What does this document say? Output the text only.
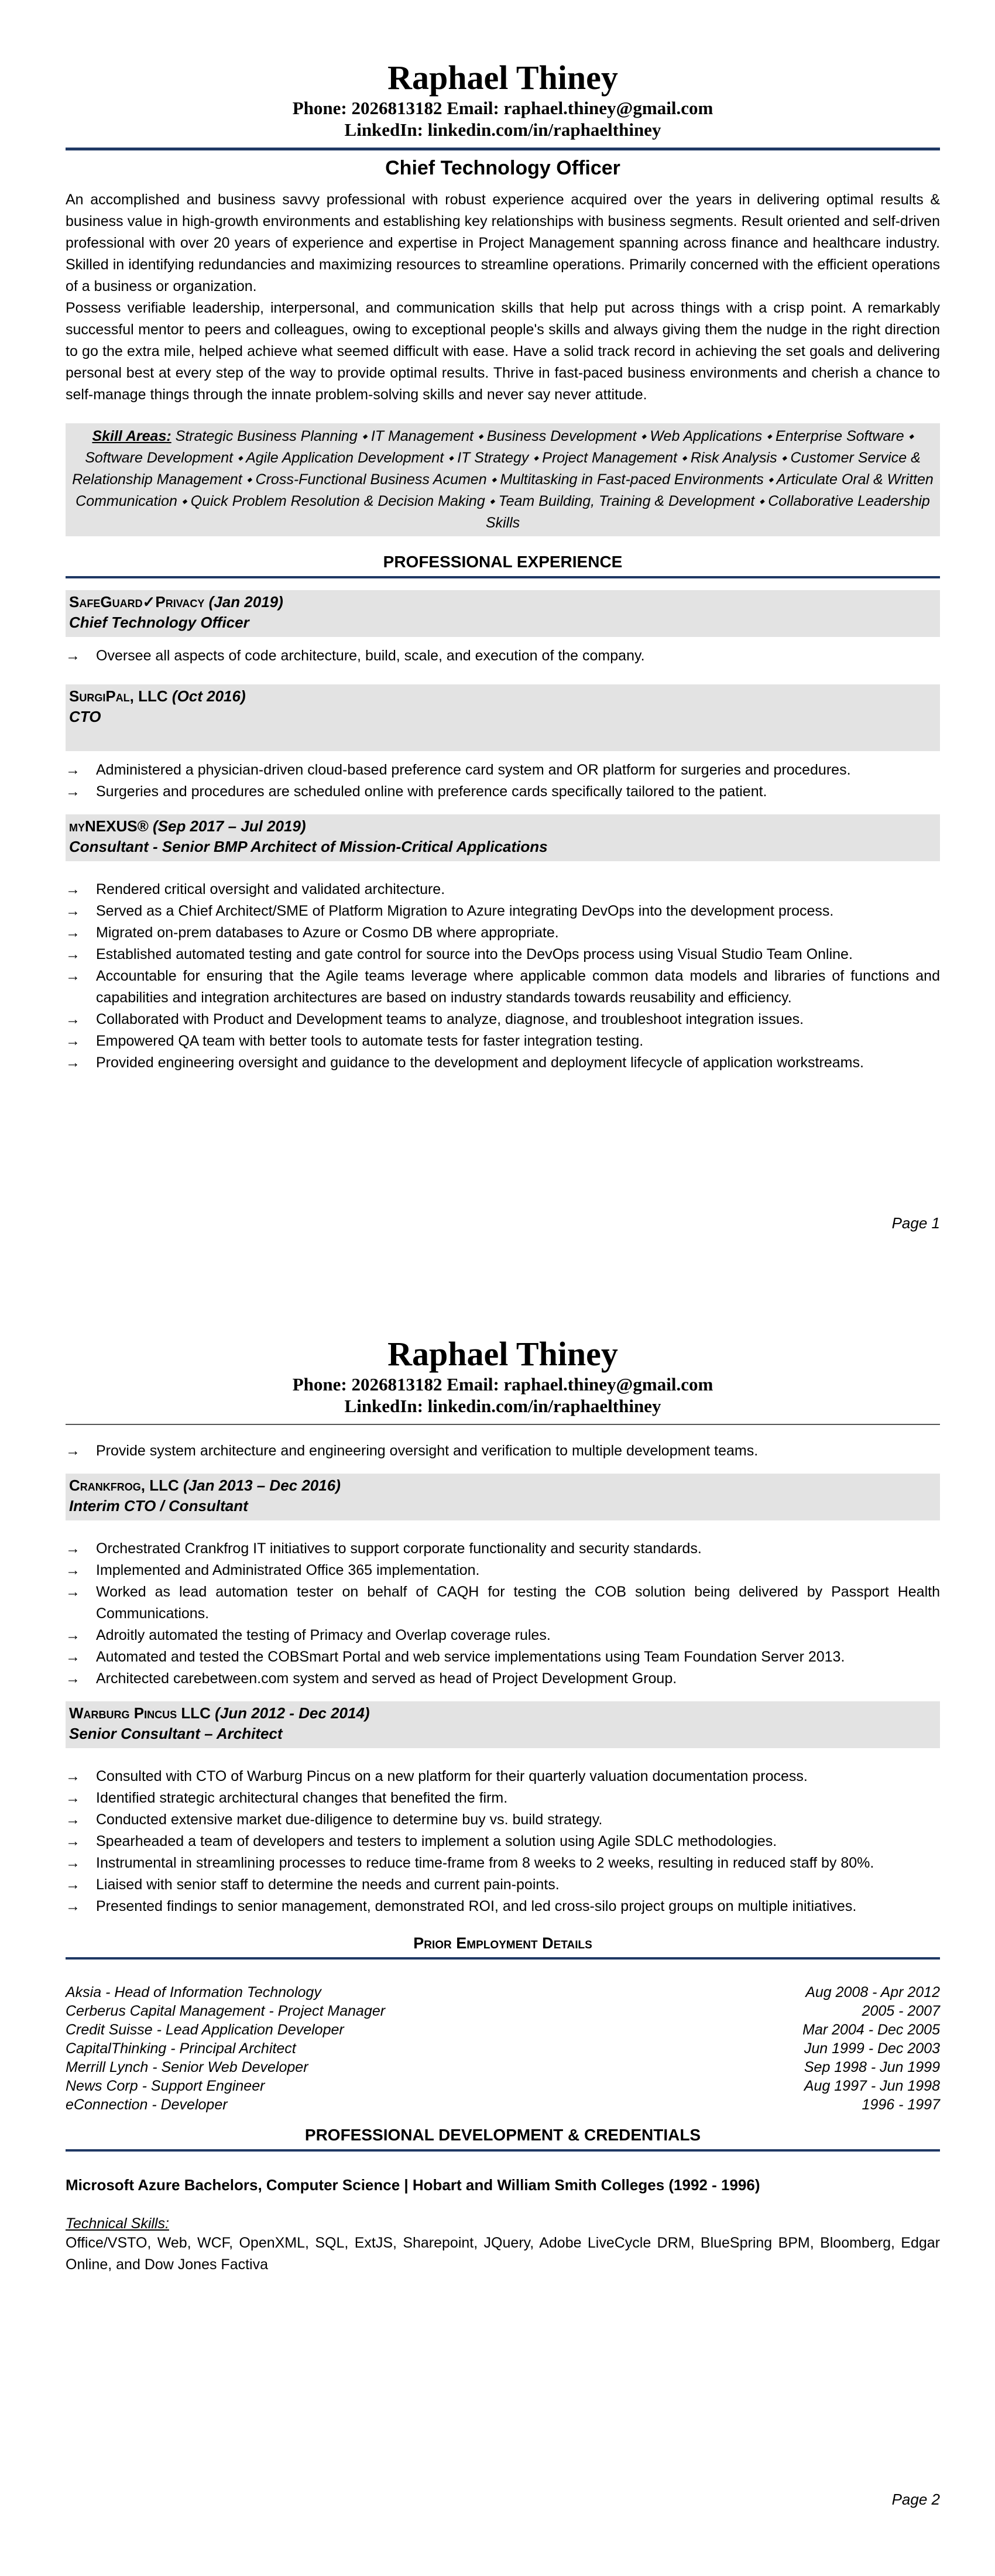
Raphael Thiney
Phone: 2026813182 Email: raphael.thiney@gmail.com
LinkedIn: linkedin.com/in/raphaelthiney
Chief Technology Officer

An accomplished and business savvy professional with robust experience acquired over the years in delivering optimal results & business value in high-growth environments and establishing key relationships with business segments. Result oriented and self-driven professional with over 20 years of experience and expertise in Project Management spanning across finance and healthcare industry. Skilled in identifying redundancies and maximizing resources to streamline operations. Primarily concerned with the efficient operations of a business or organization.

Possess verifiable leadership, interpersonal, and communication skills that help put across things with a crisp point. A remarkably successful mentor to peers and colleagues, owing to exceptional people's skills and always giving them the nudge in the right direction to go the extra mile, helped achieve what seemed difficult with ease. Have a solid track record in achieving the set goals and delivering personal best at every step of the way to provide optimal results. Thrive in fast-paced business environments and cherish a chance to self-manage things through the innate problem-solving skills and never say never attitude.

Skill Areas: Strategic Business Planning ⬩ IT Management ⬩ Business Development ⬩ Web Applications ⬩ Enterprise Software ⬩ Software Development ⬩ Agile Application Development ⬩ IT Strategy ⬩ Project Management ⬩ Risk Analysis ⬩ Customer Service & Relationship Management ⬩ Cross-Functional Business Acumen ⬩ Multitasking in Fast-paced Environments ⬩ Articulate Oral & Written Communication ⬩ Quick Problem Resolution & Decision Making ⬩ Team Building, Training & Development ⬩ Collaborative Leadership Skills
PROFESSIONAL EXPERIENCE
SafeGuard✓Privacy (Jan 2019)
Chief Technology Officer
→ Oversee all aspects of code architecture, build, scale, and execution of the company.
SurgiPal, LLC (Oct 2016)
CTO
→ Administered a physician-driven cloud-based preference card system and OR platform for surgeries and procedures.
→ Surgeries and procedures are scheduled online with preference cards specifically tailored to the patient.
myNEXUS® (Sep 2017 – Jul 2019)
Consultant - Senior BMP Architect of Mission-Critical Applications
→ Rendered critical oversight and validated architecture.
→ Served as a Chief Architect/SME of Platform Migration to Azure integrating DevOps into the development process.
→ Migrated on-prem databases to Azure or Cosmo DB where appropriate.
→ Established automated testing and gate control for source into the DevOps process using Visual Studio Team Online.
→ Accountable for ensuring that the Agile teams leverage where applicable common data models and libraries of functions and capabilities and integration architectures are based on industry standards towards reusability and efficiency.
→ Collaborated with Product and Development teams to analyze, diagnose, and troubleshoot integration issues.
→ Empowered QA team with better tools to automate tests for faster integration testing.
→ Provided engineering oversight and guidance to the development and deployment lifecycle of application workstreams.
Page 1
Raphael Thiney
Phone: 2026813182 Email: raphael.thiney@gmail.com
LinkedIn: linkedin.com/in/raphaelthiney
→ Provide system architecture and engineering oversight and verification to multiple development teams.
Crankfrog, LLC (Jan 2013 – Dec 2016)
Interim CTO / Consultant
→ Orchestrated Crankfrog IT initiatives to support corporate functionality and security standards.
→ Implemented and Administrated Office 365 implementation.
→ Worked as lead automation tester on behalf of CAQH for testing the COB solution being delivered by Passport Health Communications.
→ Adroitly automated the testing of Primacy and Overlap coverage rules.
→ Automated and tested the COBSmart Portal and web service implementations using Team Foundation Server 2013.
→ Architected carebetween.com system and served as head of Project Development Group.
Warburg Pincus LLC (Jun 2012 - Dec 2014)
Senior Consultant – Architect
→ Consulted with CTO of Warburg Pincus on a new platform for their quarterly valuation documentation process.
→ Identified strategic architectural changes that benefited the firm.
→ Conducted extensive market due-diligence to determine buy vs. build strategy.
→ Spearheaded a team of developers and testers to implement a solution using Agile SDLC methodologies.
→ Instrumental in streamlining processes to reduce time-frame from 8 weeks to 2 weeks, resulting in reduced staff by 80%.
→ Liaised with senior staff to determine the needs and current pain-points.
→ Presented findings to senior management, demonstrated ROI, and led cross-silo project groups on multiple initiatives.
Prior Employment Details
Aksia - Head of Information Technology	Aug 2008 - Apr 2012
Cerberus Capital Management - Project Manager	2005 - 2007
Credit Suisse - Lead Application Developer	Mar 2004 - Dec 2005
CapitalThinking - Principal Architect	Jun 1999 - Dec 2003
Merrill Lynch - Senior Web Developer	Sep 1998 - Jun 1999
News Corp - Support Engineer	Aug 1997 - Jun 1998
eConnection - Developer	1996 - 1997
PROFESSIONAL DEVELOPMENT & CREDENTIALS
Microsoft Azure Bachelors, Computer Science | Hobart and William Smith Colleges (1992 - 1996)
Technical Skills:
Office/VSTO, Web, WCF, OpenXML, SQL, ExtJS, Sharepoint, JQuery, Adobe LiveCycle DRM, BlueSpring BPM, Bloomberg, Edgar Online, and Dow Jones Factiva
Page 2
